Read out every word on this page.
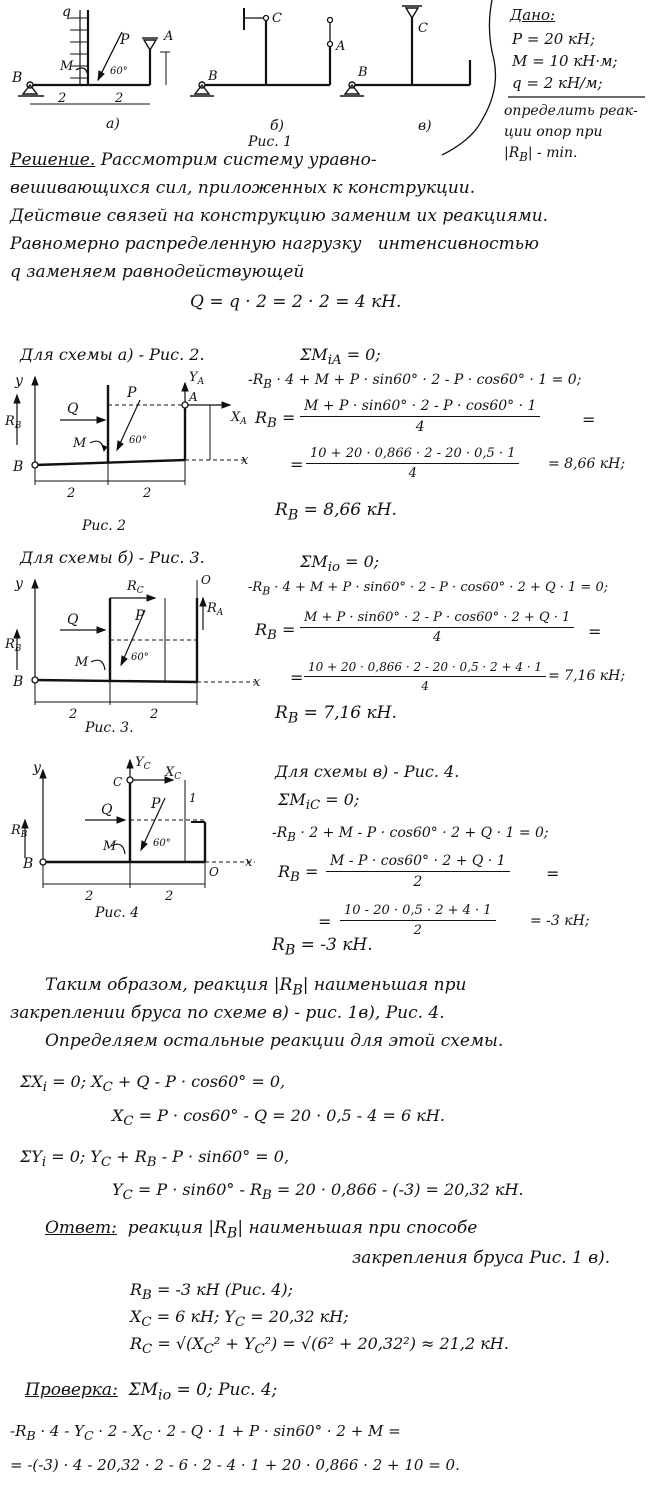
q
P
60°
M
A
B
2	2
а)
B
C
A
б)
B
C
в)
Рис. 1
Дано:
P = 20 кН;
M = 10 кН·м;
q = 2 кН/м;
определить реак-
ции опор при
$|R_B|$ - min.
Решение. Рассмотрим систему уравно-
вешивающихся сил, приложенных к конструкции.
Действие связей на конструкцию заменим их реакциями.
Равномерно распределенную нагрузку интенсивностью
q заменяем равнодействующей
Q = q · 2 = 2 · 2 = 4 кН.
Для схемы а) - Рис. 2.
y
$R_B$
B
Q
P
M	60°
$Y_A$
A
$X_A$
x
2	2
Рис. 2
$\Sigma M_{iA} = 0$;
$-R_B \cdot 4 + M + P \cdot \sin 60^\circ \cdot 2 - P \cdot \cos 60^\circ \cdot 1 = 0$;
$R_B = \frac{M + P \cdot \sin 60^\circ \cdot 2 - P \cdot \cos 60^\circ \cdot 1}{4}$	=
= $\frac{10 + 20 \cdot 0,866 \cdot 2 - 20 \cdot 0,5 \cdot 1}{4} = 8,66$ кН;
$R_B = 8,66$ кН.
Для схемы б) - Рис. 3.
y
$R_B$
B
Q	P
M	60°
$R_C$
O
$R_A$
x
2	2
Рис. 3.
$\Sigma M_{io} = 0$;
$-R_B \cdot 4 + M + P \cdot \sin 60^\circ \cdot 2 - P \cdot \cos 60^\circ \cdot 2 + Q \cdot 1 = 0$;
$R_B = \frac{M + P \cdot \sin 60^\circ \cdot 2 - P \cdot \cos 60^\circ \cdot 2 + Q \cdot 1}{4}$ =
= $\frac{10 + 20 \cdot 0,866 \cdot 2 - 20 \cdot 0,5 \cdot 2 + 4 \cdot 1}{4} = 7,16$ кН;
$R_B = 7,16$ кН.
y
$R_B$
B
Q	P
M	60°
$Y_C$ $X_C$
C
1
O
x
2	2
Рис. 4
Для схемы в) - Рис. 4.
$\Sigma M_{iC} = 0$;
$-R_B \cdot 2 + M - P \cdot \cos 60^\circ \cdot 2 + Q \cdot 1 = 0$;
$R_B = \frac{M - P \cdot \cos 60^\circ \cdot 2 + Q \cdot 1}{2}$ =
= $\frac{10 - 20 \cdot 0,5 \cdot 2 + 4 \cdot 1}{2} = -3$ кН;
$R_B = -3$ кН.
Таким образом, реакция $|R_B|$ наименьшая при
закреплении бруса по схеме в) - рис. 1в), Рис. 4.
Определяем остальные реакции для этой схемы.
$\Sigma X_i = 0$; $X_C + Q - P \cdot \cos 60^\circ = 0$,
$X_C = P \cdot \cos 60^\circ - Q = 20 \cdot 0,5 - 4 = 6$ кН.
$\Sigma Y_i = 0$; $Y_C + R_B - P \cdot \sin 60^\circ = 0$,
$Y_C = P \cdot \sin 60^\circ - R_B = 20 \cdot 0,866 - (-3) = 20,32$ кН.
Ответ: реакция $|R_B|$ наименьшая при способе
закрепления бруса Рис. 1 в).
$R_B = -3$ кН (Рис. 4);
$X_C = 6$ кН; $Y_C = 20,32$ кН;
$R_C = √(X_C^2 + Y_C^2) = √(6^2 + 20,32^2) \approx 21,2$ кН.
Проверка: $\Sigma M_{io} = 0$; Рис. 4;
$-R_B \cdot 4 - Y_C \cdot 2 - X_C \cdot 2 - Q \cdot 1 + P \cdot \sin 60^\circ \cdot 2 + M$ =
= -(-3) · 4 - 20,32 · 2 - 6 · 2 - 4 · 1 + 20 · 0,866 · 2 + 10 = 0.
